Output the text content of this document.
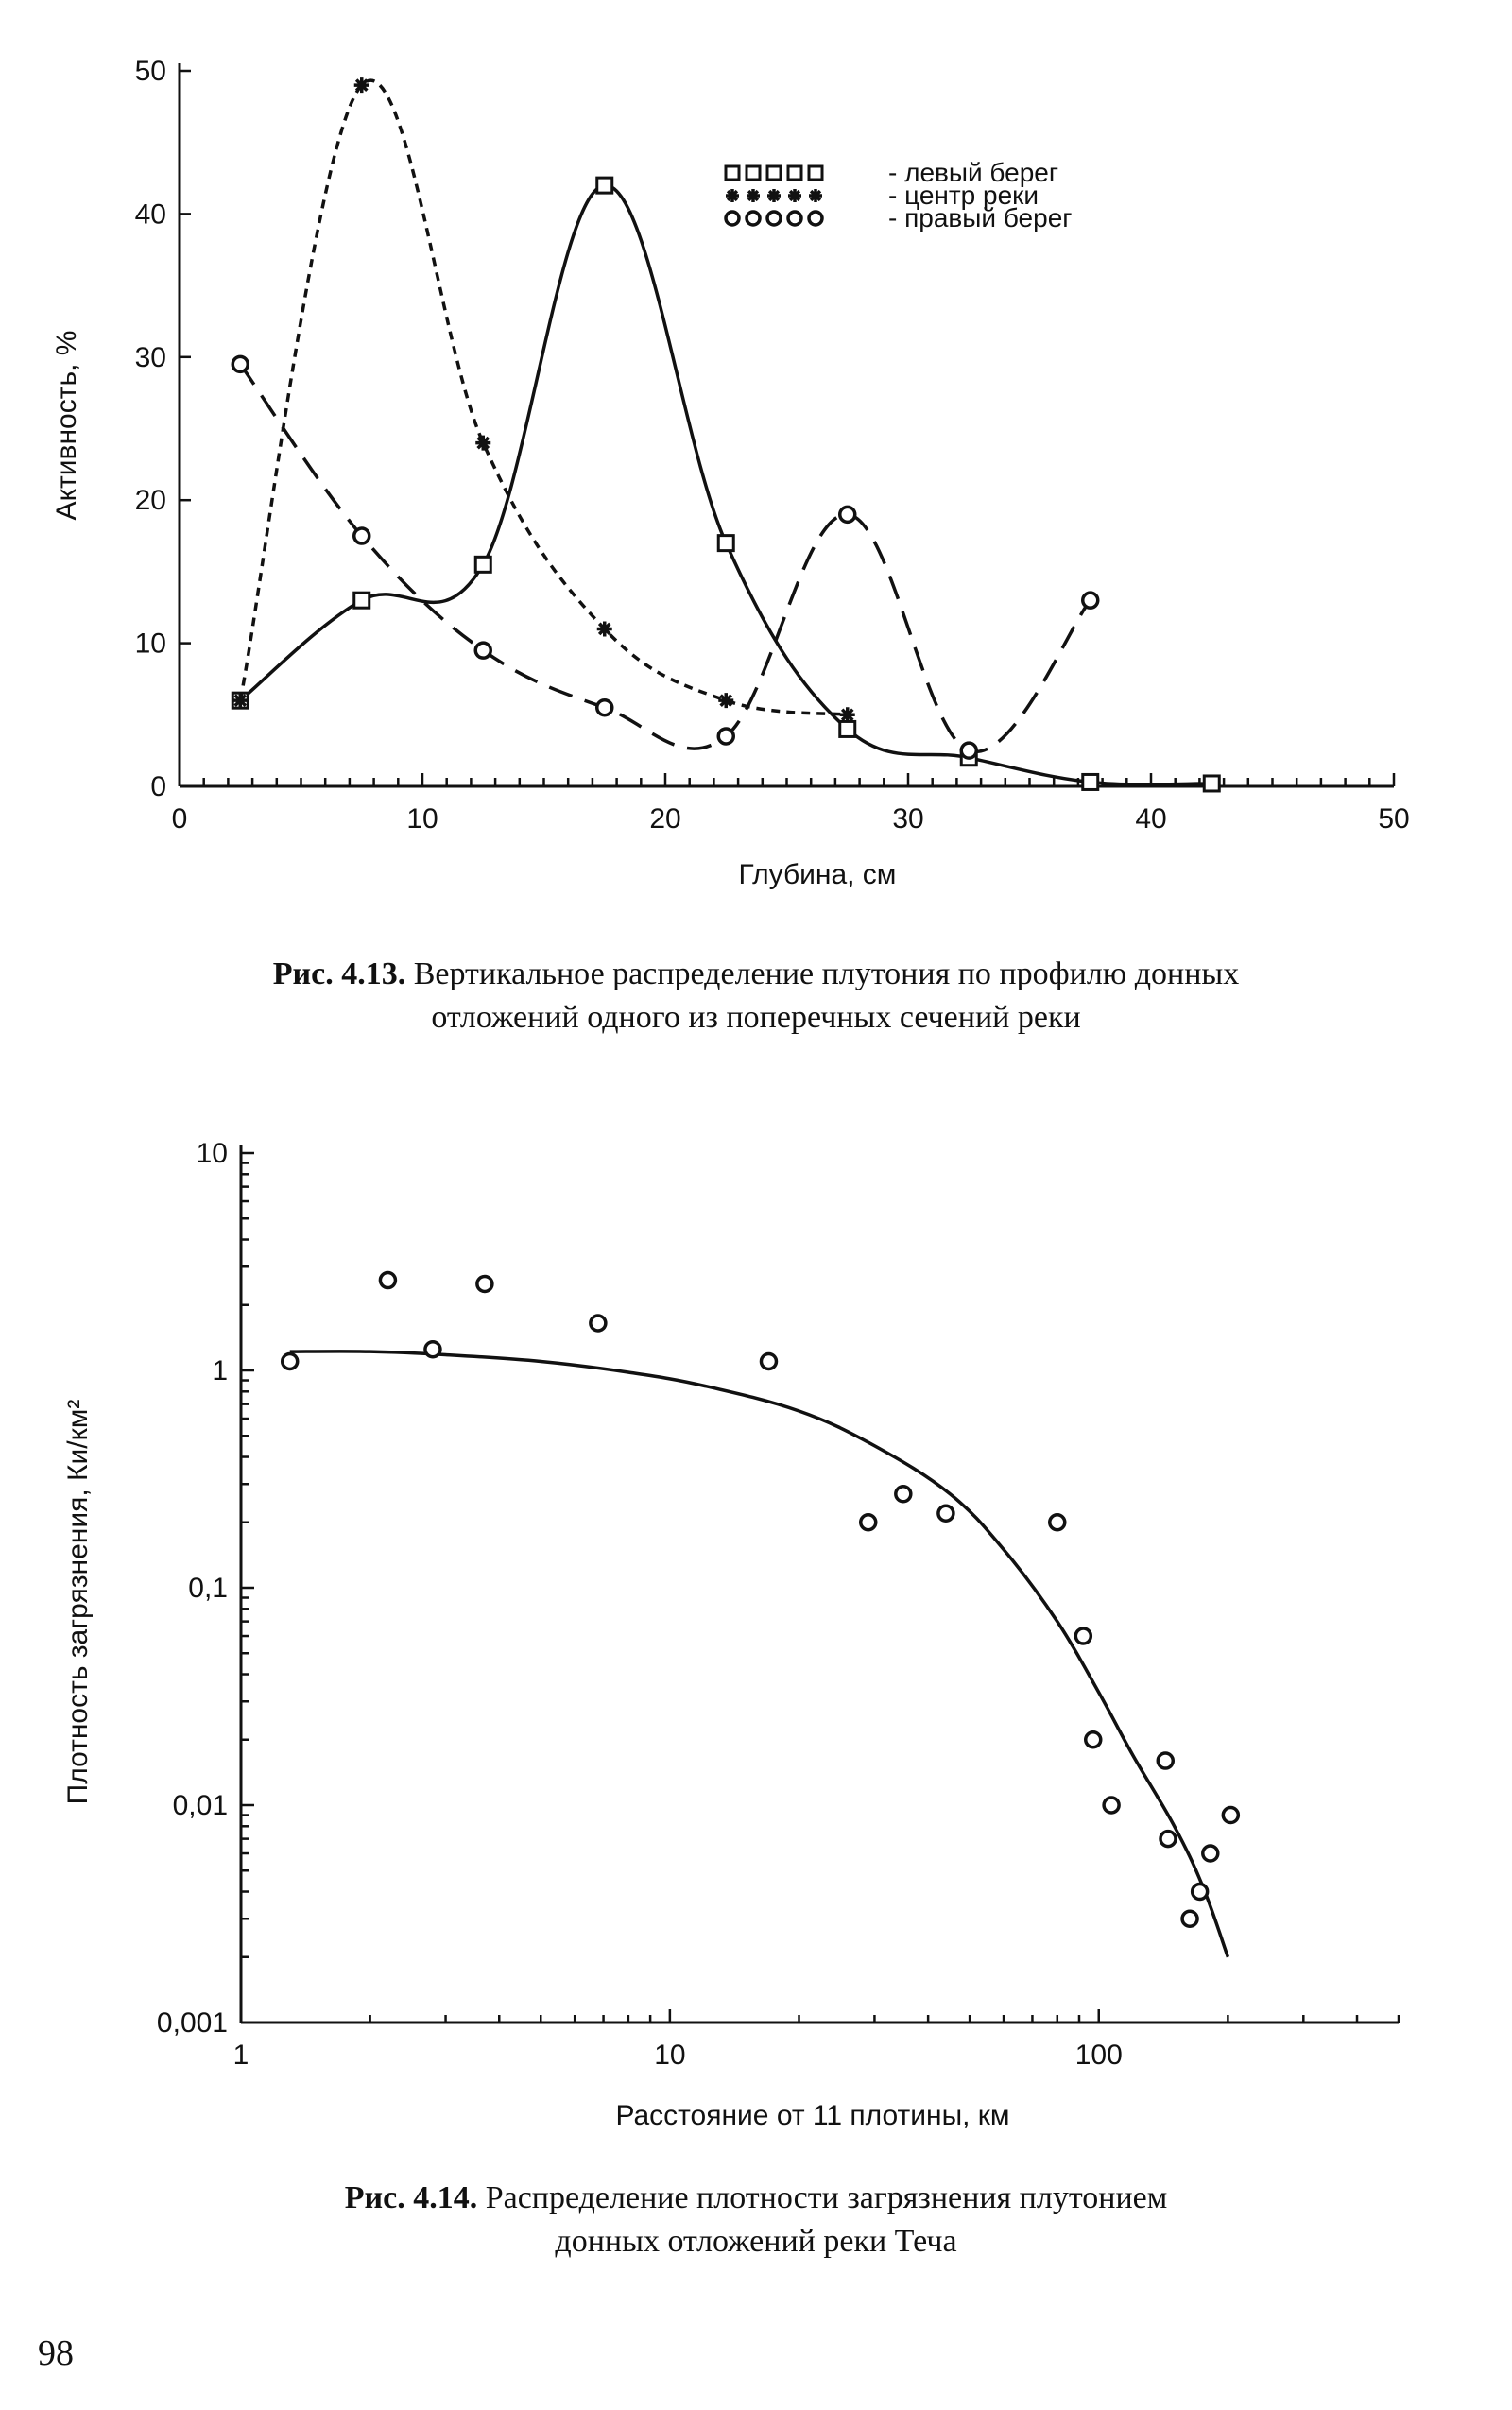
0	10	20	30	40	50
0
10
20
30
40
50
- левый берег
- центр реки
- правый берег
Глубина, см
Активность, %
Рис. 4.13. Вертикальное распределение плутония по профилю донных
отложений одного из поперечных сечений реки
1	10	100
0,001
0,01
0,1
1
10
Расстояние от 11 плотины, км
Плотность загрязнения, Ки/км²
Рис. 4.14. Распределение плотности загрязнения плутонием
донных отложений реки Теча
98
